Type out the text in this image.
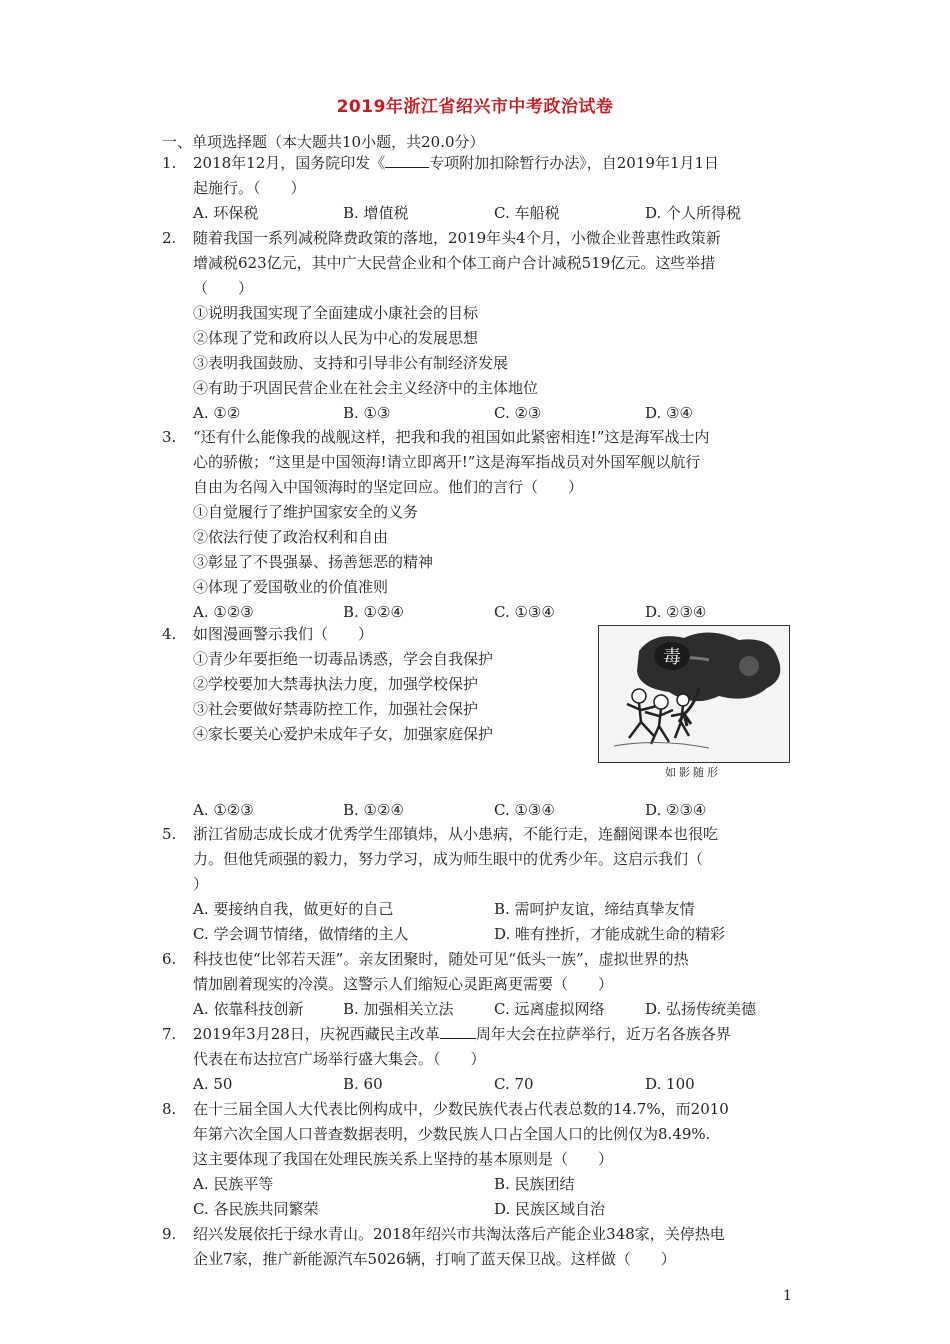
2019年浙江省绍兴市中考政治试卷
一、单项选择题（本大题共10小题，共20.0分）
1.	2018年12月，国务院印发《	专项附加扣除暂行办法》，自2019年1月1日
起施行。（　　）
A. 环保税	B. 增值税	C. 车船税	D. 个人所得税
2.	随着我国一系列减税降费政策的落地，2019年头4个月，小微企业普惠性政策新
增减税623亿元，其中广大民营企业和个体工商户合计减税519亿元。这些举措
（　　）
①说明我国实现了全面建成小康社会的目标
②体现了党和政府以人民为中心的发展思想
③表明我国鼓励、支持和引导非公有制经济发展
④有助于巩固民营企业在社会主义经济中的主体地位
A. ①②	B. ①③	C. ②③	D. ③④
3.	“还有什么能像我的战舰这样，把我和我的祖国如此紧密相连!”这是海军战士内
心的骄傲；“这里是中国领海!请立即离开!”这是海军指战员对外国军舰以航行
自由为名闯入中国领海时的坚定回应。他们的言行（　　）
①自觉履行了维护国家安全的义务
②依法行使了政治权利和自由
③彰显了不畏强暴、扬善惩恶的精神
④体现了爱国敬业的价值准则
A. ①②③	B. ①②④	C. ①③④	D. ②③④
4.	如图漫画警示我们（　　）
①青少年要拒绝一切毒品诱惑，学会自我保护
②学校要加大禁毒执法力度，加强学校保护
③社会要做好禁毒防控工作，加强社会保护
④家长要关心爱护未成年子女，加强家庭保护
A. ①②③	B. ①②④	C. ①③④	D. ②③④
毒
如影随形
5.	浙江省励志成长成才优秀学生邵镇炜，从小患病，不能行走，连翻阅课本也很吃
力。但他凭顽强的毅力，努力学习，成为师生眼中的优秀少年。这启示我们（
）
A. 要接纳自我，做更好的自己	B. 需呵护友谊，缔结真挚友情
C. 学会调节情绪，做情绪的主人	D. 唯有挫折，才能成就生命的精彩
6.	科技也使“比邻若天涯”。亲友团聚时，随处可见“低头一族”，虚拟世界的热
情加剧着现实的冷漠。这警示人们缩短心灵距离更需要（　　）
A. 依靠科技创新	B. 加强相关立法	C. 远离虚拟网络	D. 弘扬传统美德
7.	2019年3月28日，庆祝西藏民主改革 周年大会在拉萨举行，近万名各族各界
代表在布达拉宫广场举行盛大集会。（　　）
A. 50	B. 60	C. 70	D. 100
8.	在十三届全国人大代表比例构成中，少数民族代表占代表总数的14.7%，而2010
年第六次全国人口普查数据表明，少数民族人口占全国人口的比例仅为8.49%.
这主要体现了我国在处理民族关系上坚持的基本原则是（　　）
A. 民族平等	B. 民族团结
C. 各民族共同繁荣	D. 民族区域自治
9.	绍兴发展依托于绿水青山。2018年绍兴市共淘汰落后产能企业348家，关停热电
企业7家，推广新能源汽车5026辆，打响了蓝天保卫战。这样做（　　）
1
